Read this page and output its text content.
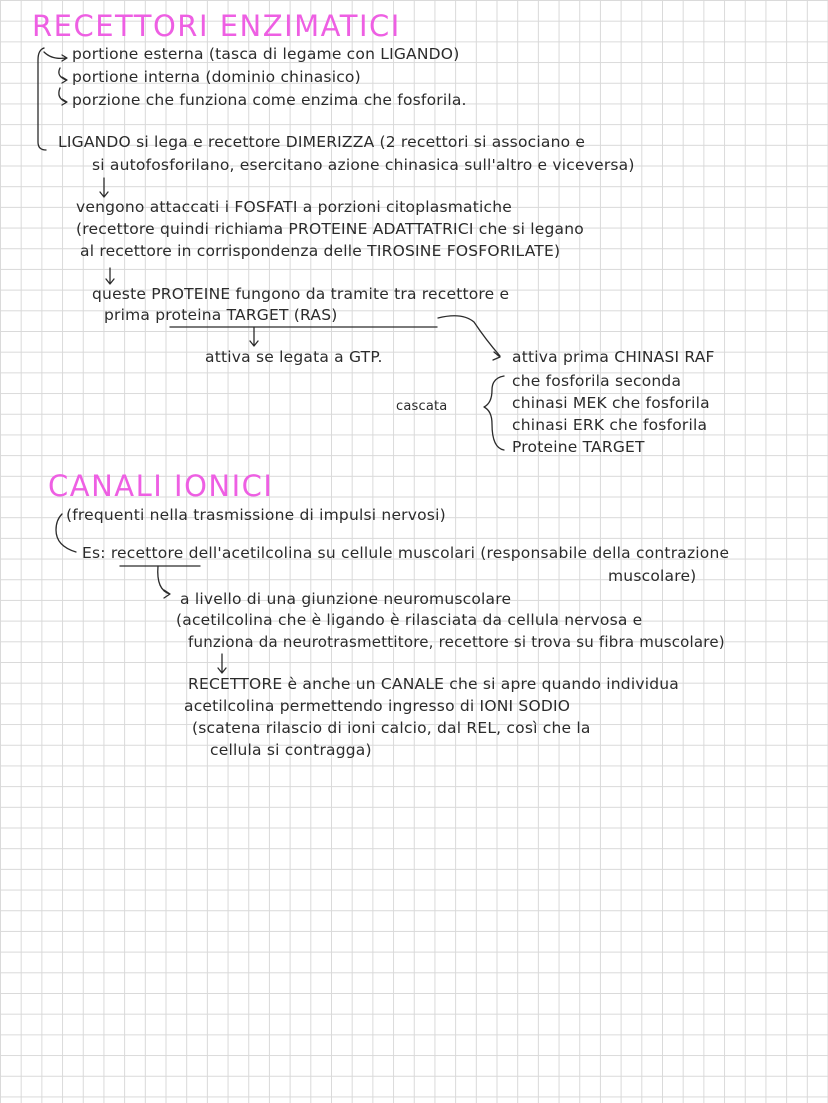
RECETTORI ENZIMATICI
portione esterna (tasca di legame con LIGANDO)
portione interna (dominio chinasico)
porzione che funziona come enzima che fosforila.
LIGANDO si lega e recettore DIMERIZZA (2 recettori si associano e
si autofosforilano, esercitano azione chinasica sull'altro e viceversa)
vengono attaccati i FOSFATI a porzioni citoplasmatiche
(recettore quindi richiama PROTEINE ADATTATRICI che si legano
al recettore in corrispondenza delle TIROSINE FOSFORILATE)
queste PROTEINE fungono da tramite tra recettore e
prima proteina TARGET (RAS)
attiva se legata a GTP.	attiva prima CHINASI RAF
cascata
che fosforila seconda
chinasi MEK che fosforila
chinasi ERK che fosforila
Proteine TARGET
CANALI IONICI
(frequenti nella trasmissione di impulsi nervosi)
Es: recettore dell'acetilcolina su cellule muscolari (responsabile della contrazione
muscolare)
a livello di una giunzione neuromuscolare
(acetilcolina che è ligando è rilasciata da cellula nervosa e
funziona da neurotrasmettitore, recettore si trova su fibra muscolare)
RECETTORE è anche un CANALE che si apre quando individua
acetilcolina permettendo ingresso di IONI SODIO
(scatena rilascio di ioni calcio, dal REL, così che la
cellula si contragga)
